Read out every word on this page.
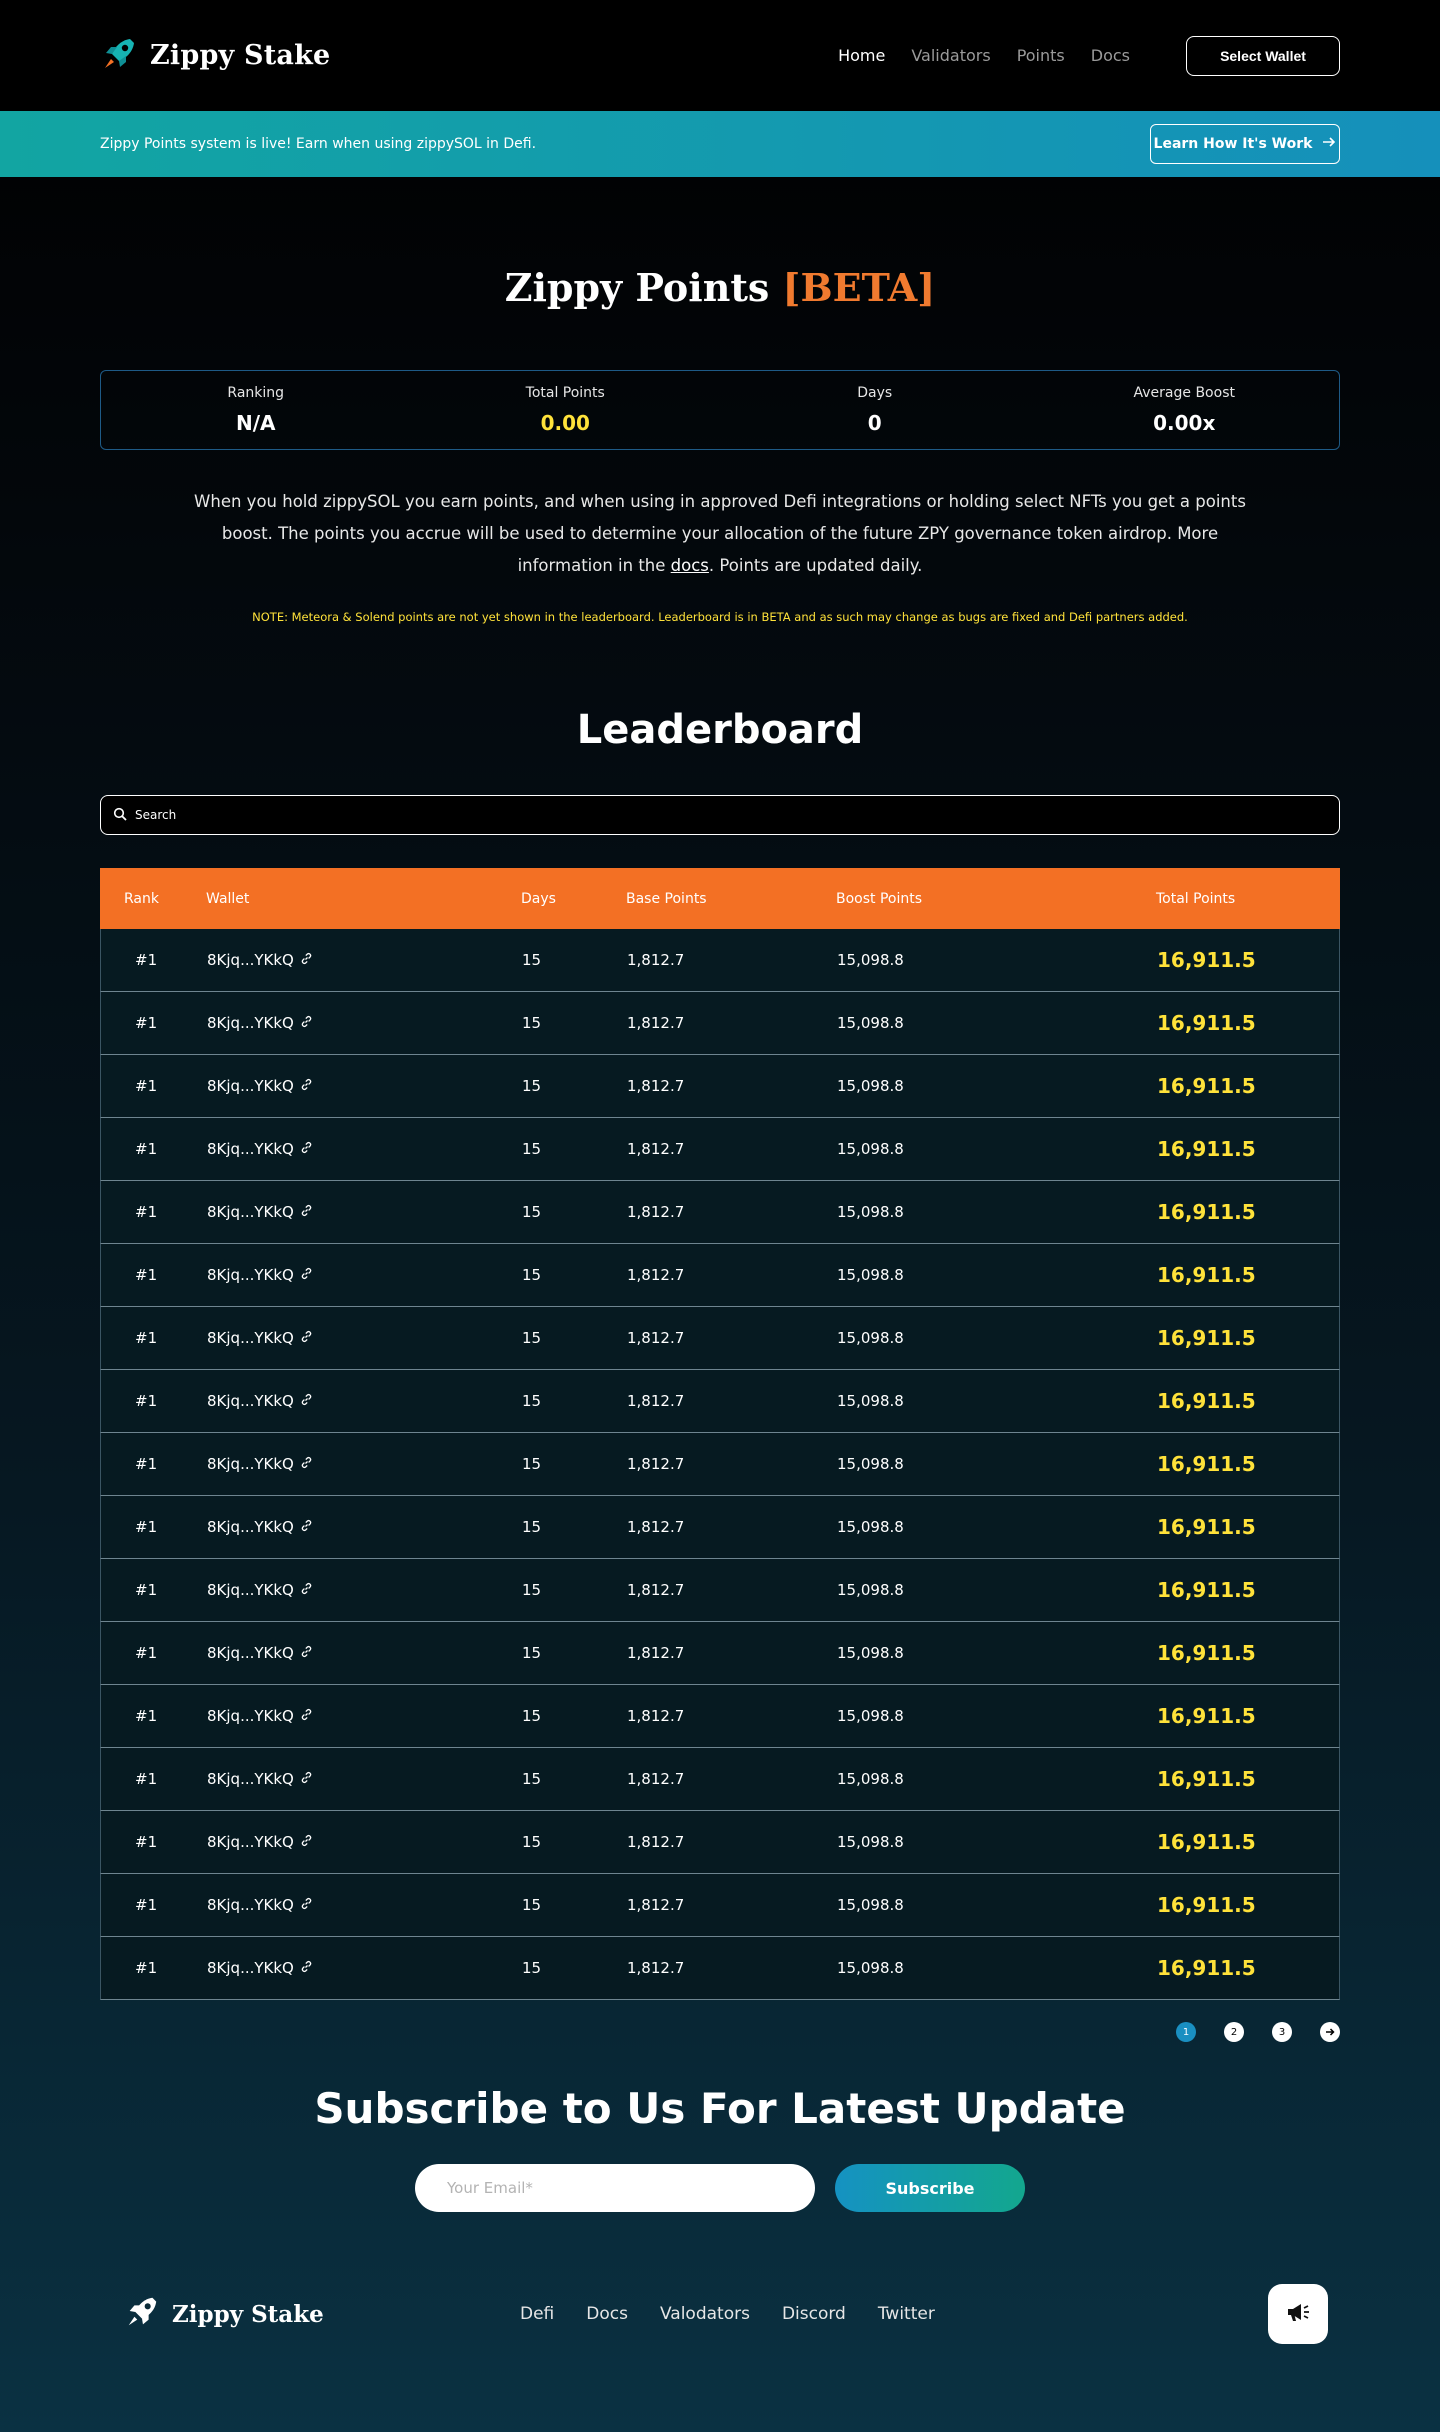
Zippy Stake	Home Validators Points Docs	Select Wallet
Zippy Points system is live! Earn when using zippySOL in Defi.	Learn How It's Work
Zippy Points [BETA]
Ranking
N/A
Total Points
0.00
Days
0
Average Boost
0.00x

When you hold zippySOL you earn points, and when using in approved Defi integrations or holding select NFTs you get a points boost. The points you accrue will be used to determine your allocation of the future ZPY governance token airdrop. More information in the docs. Points are updated daily.

NOTE: Meteora & Solend points are not yet shown in the leaderboard. Leaderboard is in BETA and as such may change as bugs are fixed and Defi partners added.

Leaderboard
Search
Rank	Wallet	Days	Base Points	Boost Points	Total Points
#1	8Kjq...YKkQ	15	1,812.7	15,098.8	16,911.5
#1	8Kjq...YKkQ	15	1,812.7	15,098.8	16,911.5
#1	8Kjq...YKkQ	15	1,812.7	15,098.8	16,911.5
#1	8Kjq...YKkQ	15	1,812.7	15,098.8	16,911.5
#1	8Kjq...YKkQ	15	1,812.7	15,098.8	16,911.5
#1	8Kjq...YKkQ	15	1,812.7	15,098.8	16,911.5
#1	8Kjq...YKkQ	15	1,812.7	15,098.8	16,911.5
#1	8Kjq...YKkQ	15	1,812.7	15,098.8	16,911.5
#1	8Kjq...YKkQ	15	1,812.7	15,098.8	16,911.5
#1	8Kjq...YKkQ	15	1,812.7	15,098.8	16,911.5
#1	8Kjq...YKkQ	15	1,812.7	15,098.8	16,911.5
#1	8Kjq...YKkQ	15	1,812.7	15,098.8	16,911.5
#1	8Kjq...YKkQ	15	1,812.7	15,098.8	16,911.5
#1	8Kjq...YKkQ	15	1,812.7	15,098.8	16,911.5
#1	8Kjq...YKkQ	15	1,812.7	15,098.8	16,911.5
#1	8Kjq...YKkQ	15	1,812.7	15,098.8	16,911.5
#1	8Kjq...YKkQ	15	1,812.7	15,098.8	16,911.5
1	2	3
Subscribe to Us For Latest Update
Your Email*
Subscribe
Zippy Stake	Defi Docs Valodators Discord Twitter
